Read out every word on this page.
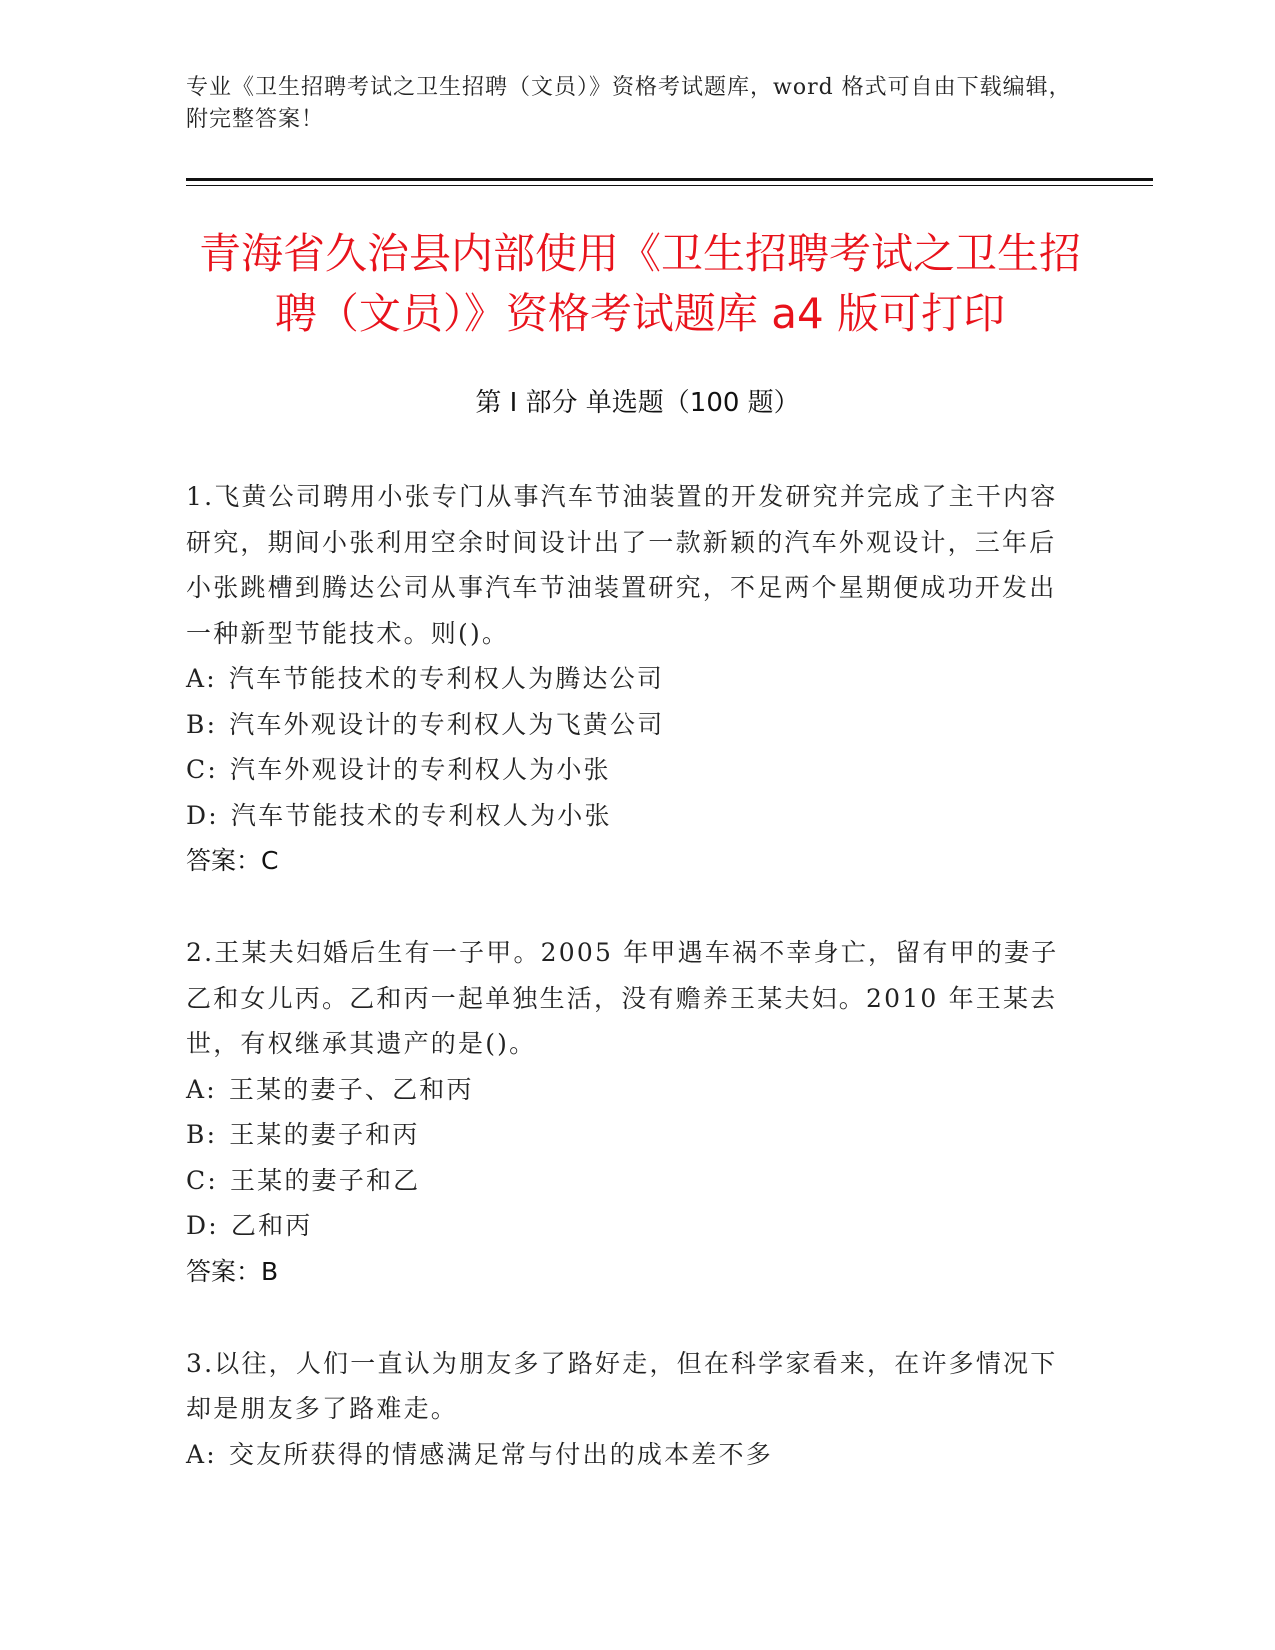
专业《卫生招聘考试之卫生招聘（文员）》资格考试题库，word 格式可自由下载编辑，附完整答案！
青海省久治县内部使用《卫生招聘考试之卫生招聘（文员）》资格考试题库 a4 版可打印
第 I 部分 单选题（100 题）

1.飞黄公司聘用小张专门从事汽车节油装置的开发研究并完成了主干内容研究，期间小张利用空余时间设计出了一款新颖的汽车外观设计，三年后小张跳槽到腾达公司从事汽车节油装置研究，不足两个星期便成功开发出一种新型节能技术。则()。

A: 汽车节能技术的专利权人为腾达公司

B: 汽车外观设计的专利权人为飞黄公司

C: 汽车外观设计的专利权人为小张

D: 汽车节能技术的专利权人为小张

答案：C

2.王某夫妇婚后生有一子甲。2005 年甲遇车祸不幸身亡，留有甲的妻子乙和女儿丙。乙和丙一起单独生活，没有赡养王某夫妇。2010 年王某去世，有权继承其遗产的是()。

A: 王某的妻子、乙和丙

B: 王某的妻子和丙

C: 王某的妻子和乙

D: 乙和丙

答案：B

3.以往，人们一直认为朋友多了路好走，但在科学家看来，在许多情况下却是朋友多了路难走。

A: 交友所获得的情感满足常与付出的成本差不多
